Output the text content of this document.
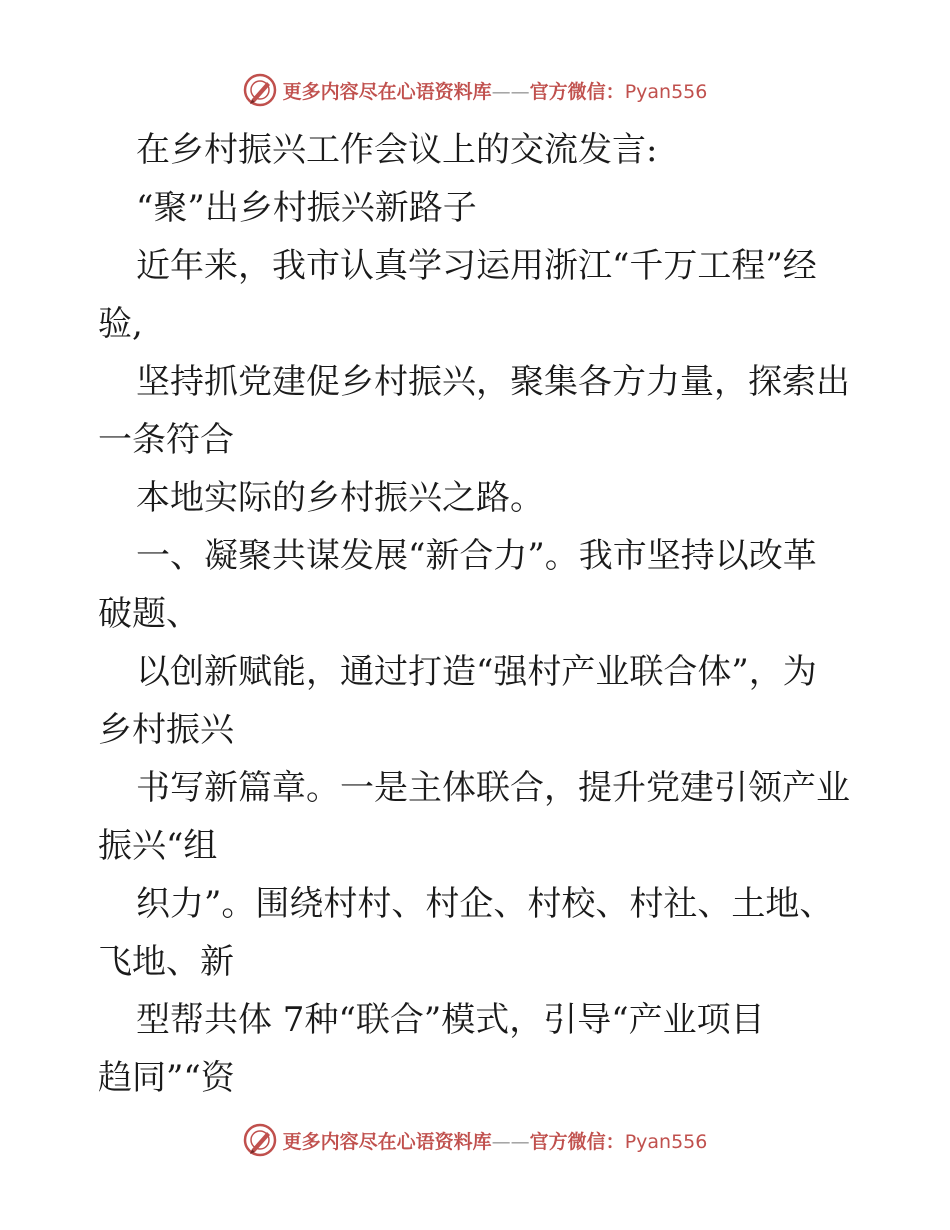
更多内容尽在心语资料库——官方微信：Pyan556
在乡村振兴工作会议上的交流发言:
“聚”出乡村振兴新路子
近年来，我市认真学习运用浙江“千万工程”经
验,
坚持抓党建促乡村振兴，聚集各方力量，探索出
一条符合
本地实际的乡村振兴之路。
一、凝聚共谋发展“新合力”。我市坚持以改革
破题、
以创新赋能，通过打造“强村产业联合体”，为
乡村振兴
书写新篇章。一是主体联合，提升党建引领产业
振兴“组
织力”。围绕村村、村企、村校、村社、土地、
飞地、新
型帮共体 7种“联合”模式，引导“产业项目
趋同”“资
更多内容尽在心语资料库——官方微信：Pyan556
